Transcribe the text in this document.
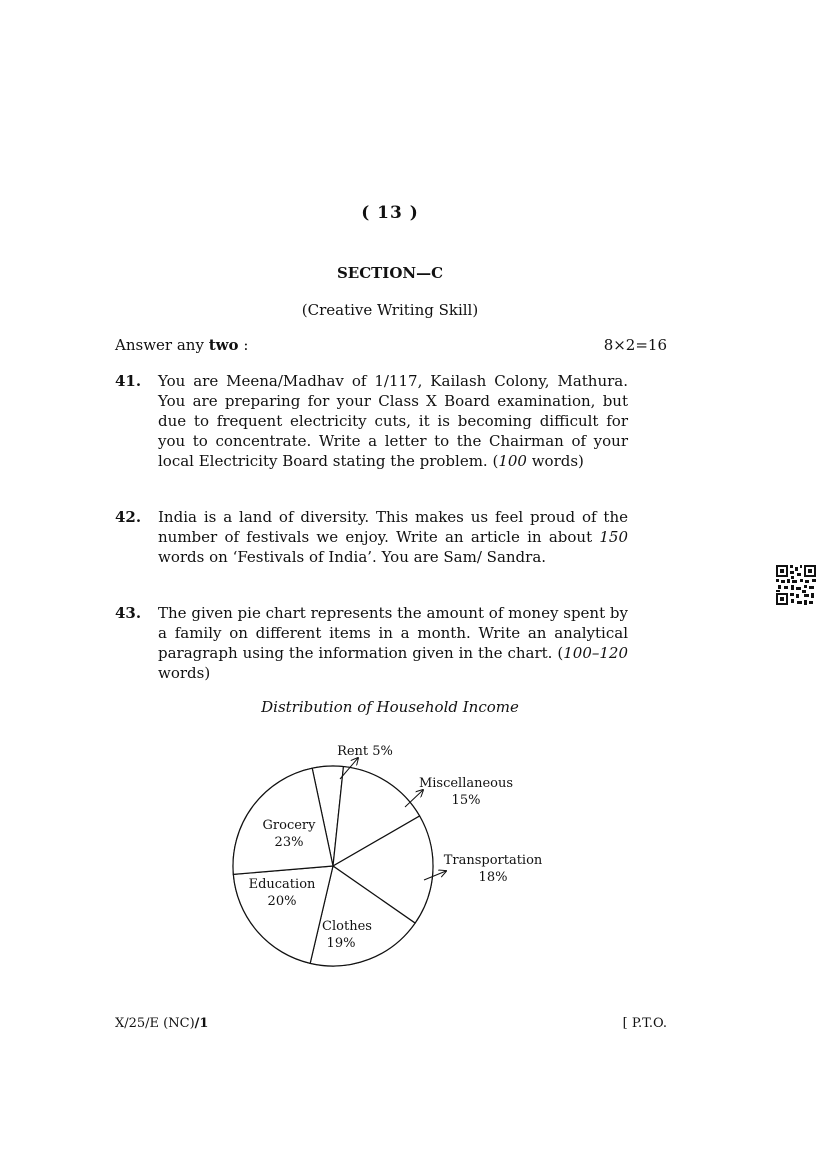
( 13 )
SECTION—C
(Creative Writing Skill)
Answer any two :	8×2=16
41. You are Meena/Madhav of 1/117, Kailash Colony, Mathura. You are preparing for your Class X Board examination, but due to frequent electricity cuts, it is becoming difficult for you to concentrate. Write a letter to the Chairman of your local Electricity Board stating the problem. (100 words)
42. India is a land of diversity. This makes us feel proud of the number of festivals we enjoy. Write an article in about 150 words on ‘Festivals of India’. You are Sam/ Sandra.
43. The given pie chart represents the amount of money spent by a family on different items in a month. Write an analytical paragraph using the information given in the chart. (100–120 words)
Distribution of Household Income
Rent 5%
Miscellaneous
15%
Transportation
18%
Clothes
19%
Education
20%
Grocery
23%
X/25/E (NC)/1	[ P.T.O.
